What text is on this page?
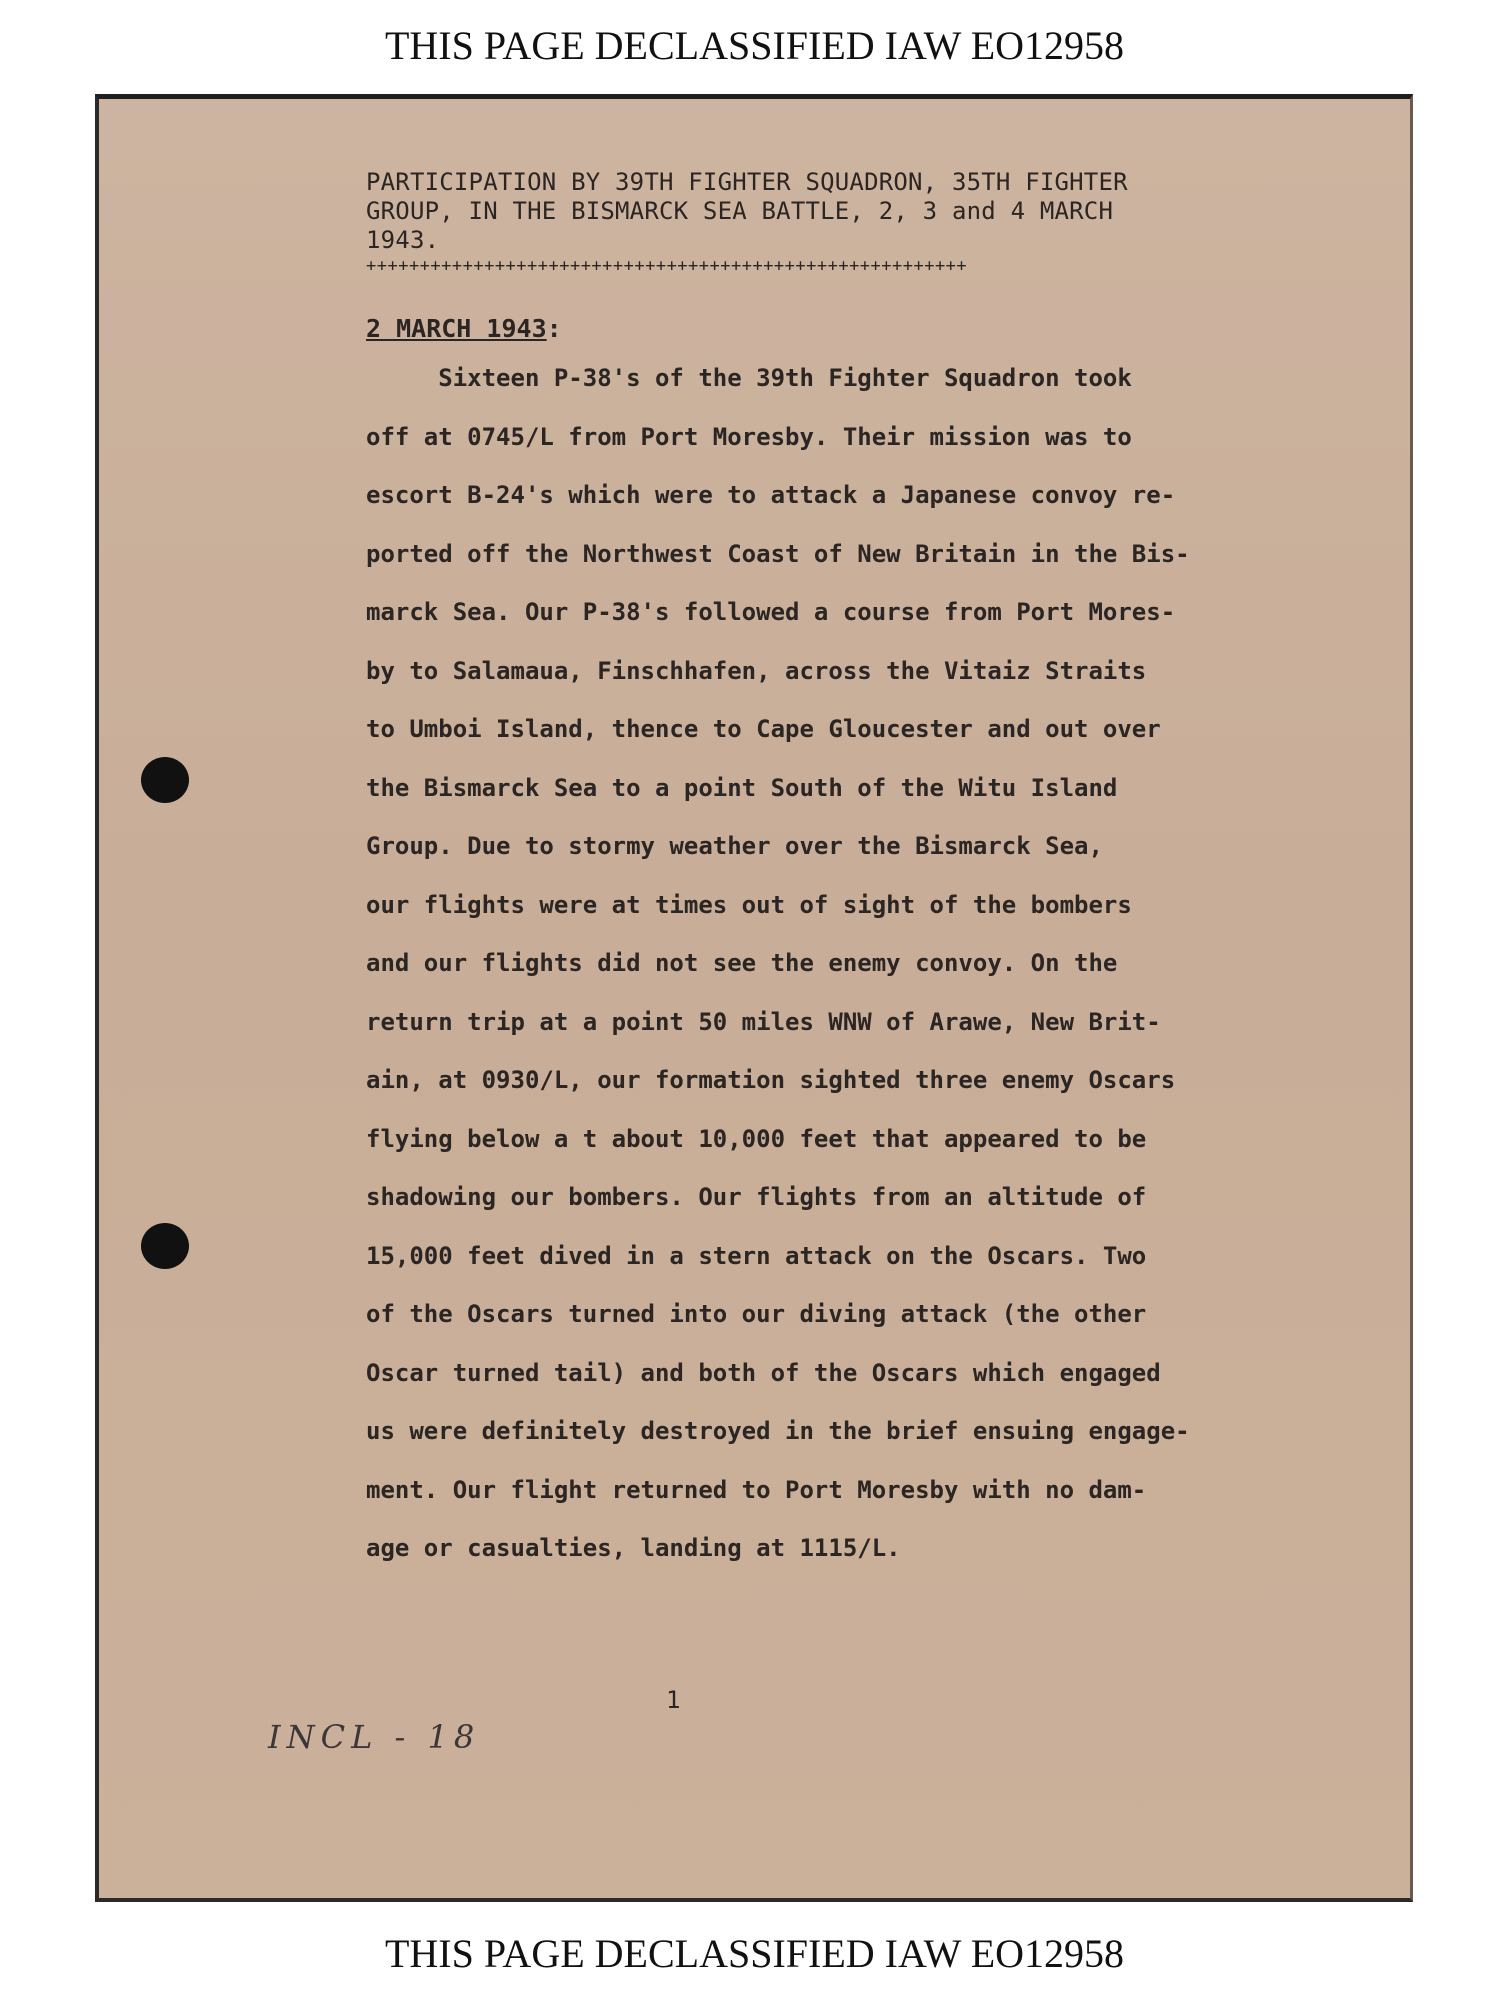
THIS PAGE DECLASSIFIED IAW EO12958
PARTICIPATION BY 39TH FIGHTER SQUADRON, 35TH FIGHTER
GROUP, IN THE BISMARCK SEA BATTLE, 2, 3 and 4 MARCH
1943.
++++++++++++++++++++++++++++++++++++++++++++++++++++++++
2 MARCH 1943:
Sixteen P-38's of the 39th Fighter Squadron took
off at 0745/L from Port Moresby. Their mission was to
escort B-24's which were to attack a Japanese convoy re-
ported off the Northwest Coast of New Britain in the Bis-
marck Sea. Our P-38's followed a course from Port Mores-
by to Salamaua, Finschhafen, across the Vitaiz Straits
to Umboi Island, thence to Cape Gloucester and out over
the Bismarck Sea to a point South of the Witu Island
Group. Due to stormy weather over the Bismarck Sea,
our flights were at times out of sight of the bombers
and our flights did not see the enemy convoy. On the
return trip at a point 50 miles WNW of Arawe, New Brit-
ain, at 0930/L, our formation sighted three enemy Oscars
flying below a t about 10,000 feet that appeared to be
shadowing our bombers. Our flights from an altitude of
15,000 feet dived in a stern attack on the Oscars. Two
of the Oscars turned into our diving attack (the other
Oscar turned tail) and both of the Oscars which engaged
us were definitely destroyed in the brief ensuing engage-
ment. Our flight returned to Port Moresby with no dam-
age or casualties, landing at 1115/L.
1
INCL - 18
THIS PAGE DECLASSIFIED IAW EO12958
